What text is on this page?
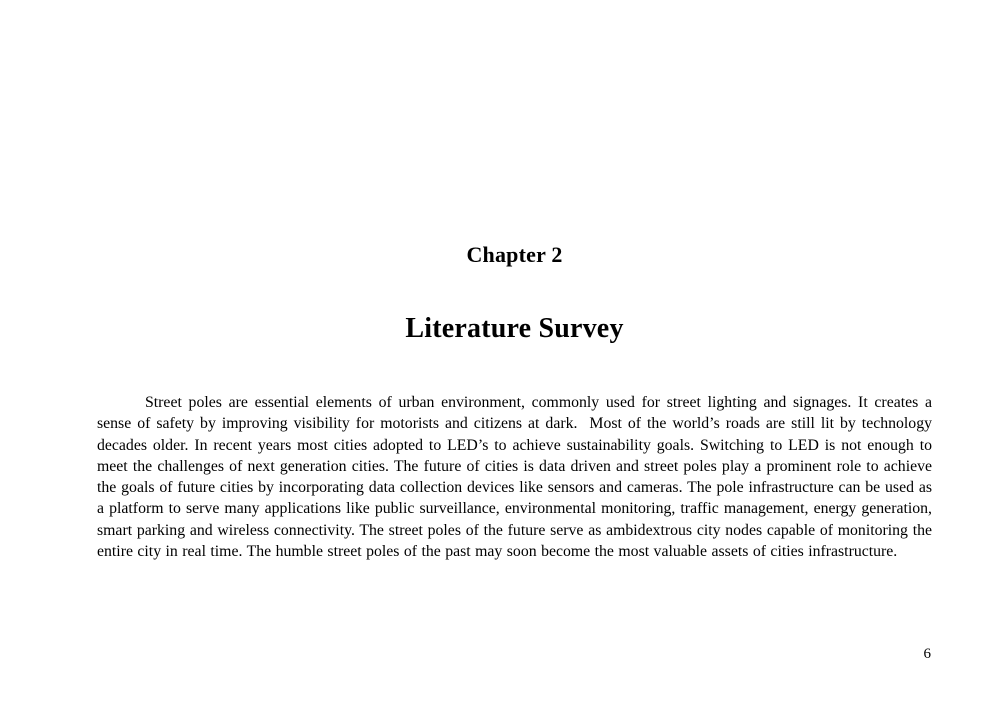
Chapter 2
Literature Survey
Street poles are essential elements of urban environment, commonly used for street lighting and signages. It creates a sense of safety by improving visibility for motorists and citizens at dark.  Most of the world’s roads are still lit by technology decades older. In recent years most cities adopted to LED’s to achieve sustainability goals. Switching to LED is not enough to meet the challenges of next generation cities. The future of cities is data driven and street poles play a prominent role to achieve the goals of future cities by incorporating data collection devices like sensors and cameras. The pole infrastructure can be used as a platform to serve many applications like public surveillance, environmental monitoring, traffic management, energy generation, smart parking and wireless connectivity. The street poles of the future serve as ambidextrous city nodes capable of monitoring the entire city in real time. The humble street poles of the past may soon become the most valuable assets of cities infrastructure.
6
